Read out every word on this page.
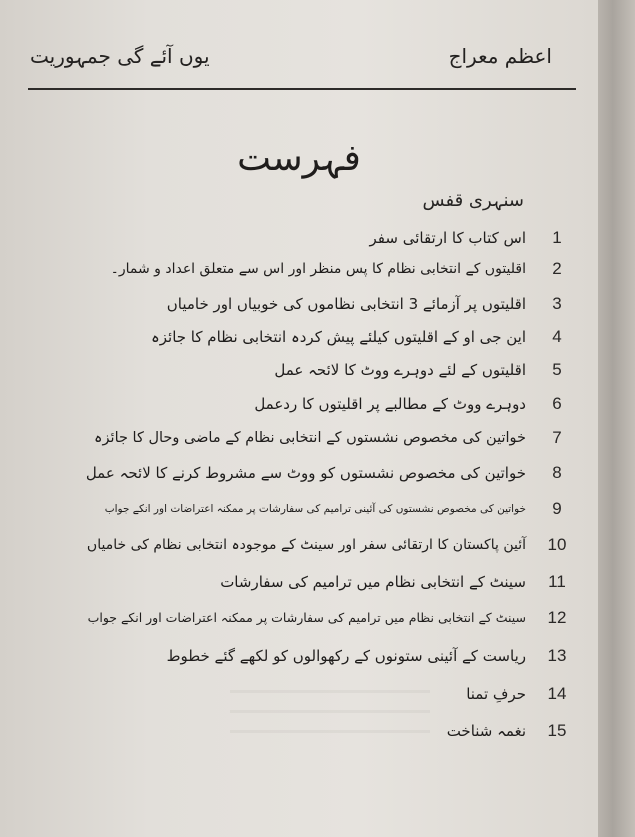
یوں آئے گی جمہوریت	اعظم معراج
فہرست
سنہری قفس
1
اس کتاب کا ارتقائی سفر
2
اقلیتوں کے انتخابی نظام کا پس منظر اور اس سے متعلق اعداد و شمار۔
3
اقلیتوں پر آزمائے 3 انتخابی نظاموں کی خوبیاں اور خامیاں
4
این جی او کے اقلیتوں کیلئے پیش کردہ انتخابی نظام کا جائزہ
5
اقلیتوں کے لئے دوہرے ووٹ کا لائحہ عمل
6
دوہرے ووٹ کے مطالبے پر اقلیتوں کا ردعمل
7
خواتین کی مخصوص نشستوں کے انتخابی نظام کے ماضی وحال کا جائزہ
8
خواتین کی مخصوص نشستوں کو ووٹ سے مشروط کرنے کا لائحہ عمل
9
خواتین کی مخصوص نشستوں کی آئینی ترامیم کی سفارشات پر ممکنہ اعتراضات اور انکے جواب
10
آئین پاکستان کا ارتقائی سفر اور سینٹ کے موجودہ انتخابی نظام کی خامیاں
11
سینٹ کے انتخابی نظام میں ترامیم کی سفارشات
12
سینٹ کے انتخابی نظام میں ترامیم کی سفارشات پر ممکنہ اعتراضات اور انکے جواب
13
ریاست کے آئینی ستونوں کے رکھوالوں کو لکھے گئے خطوط
14
حرفِ تمنا
15
نغمہ شناخت
